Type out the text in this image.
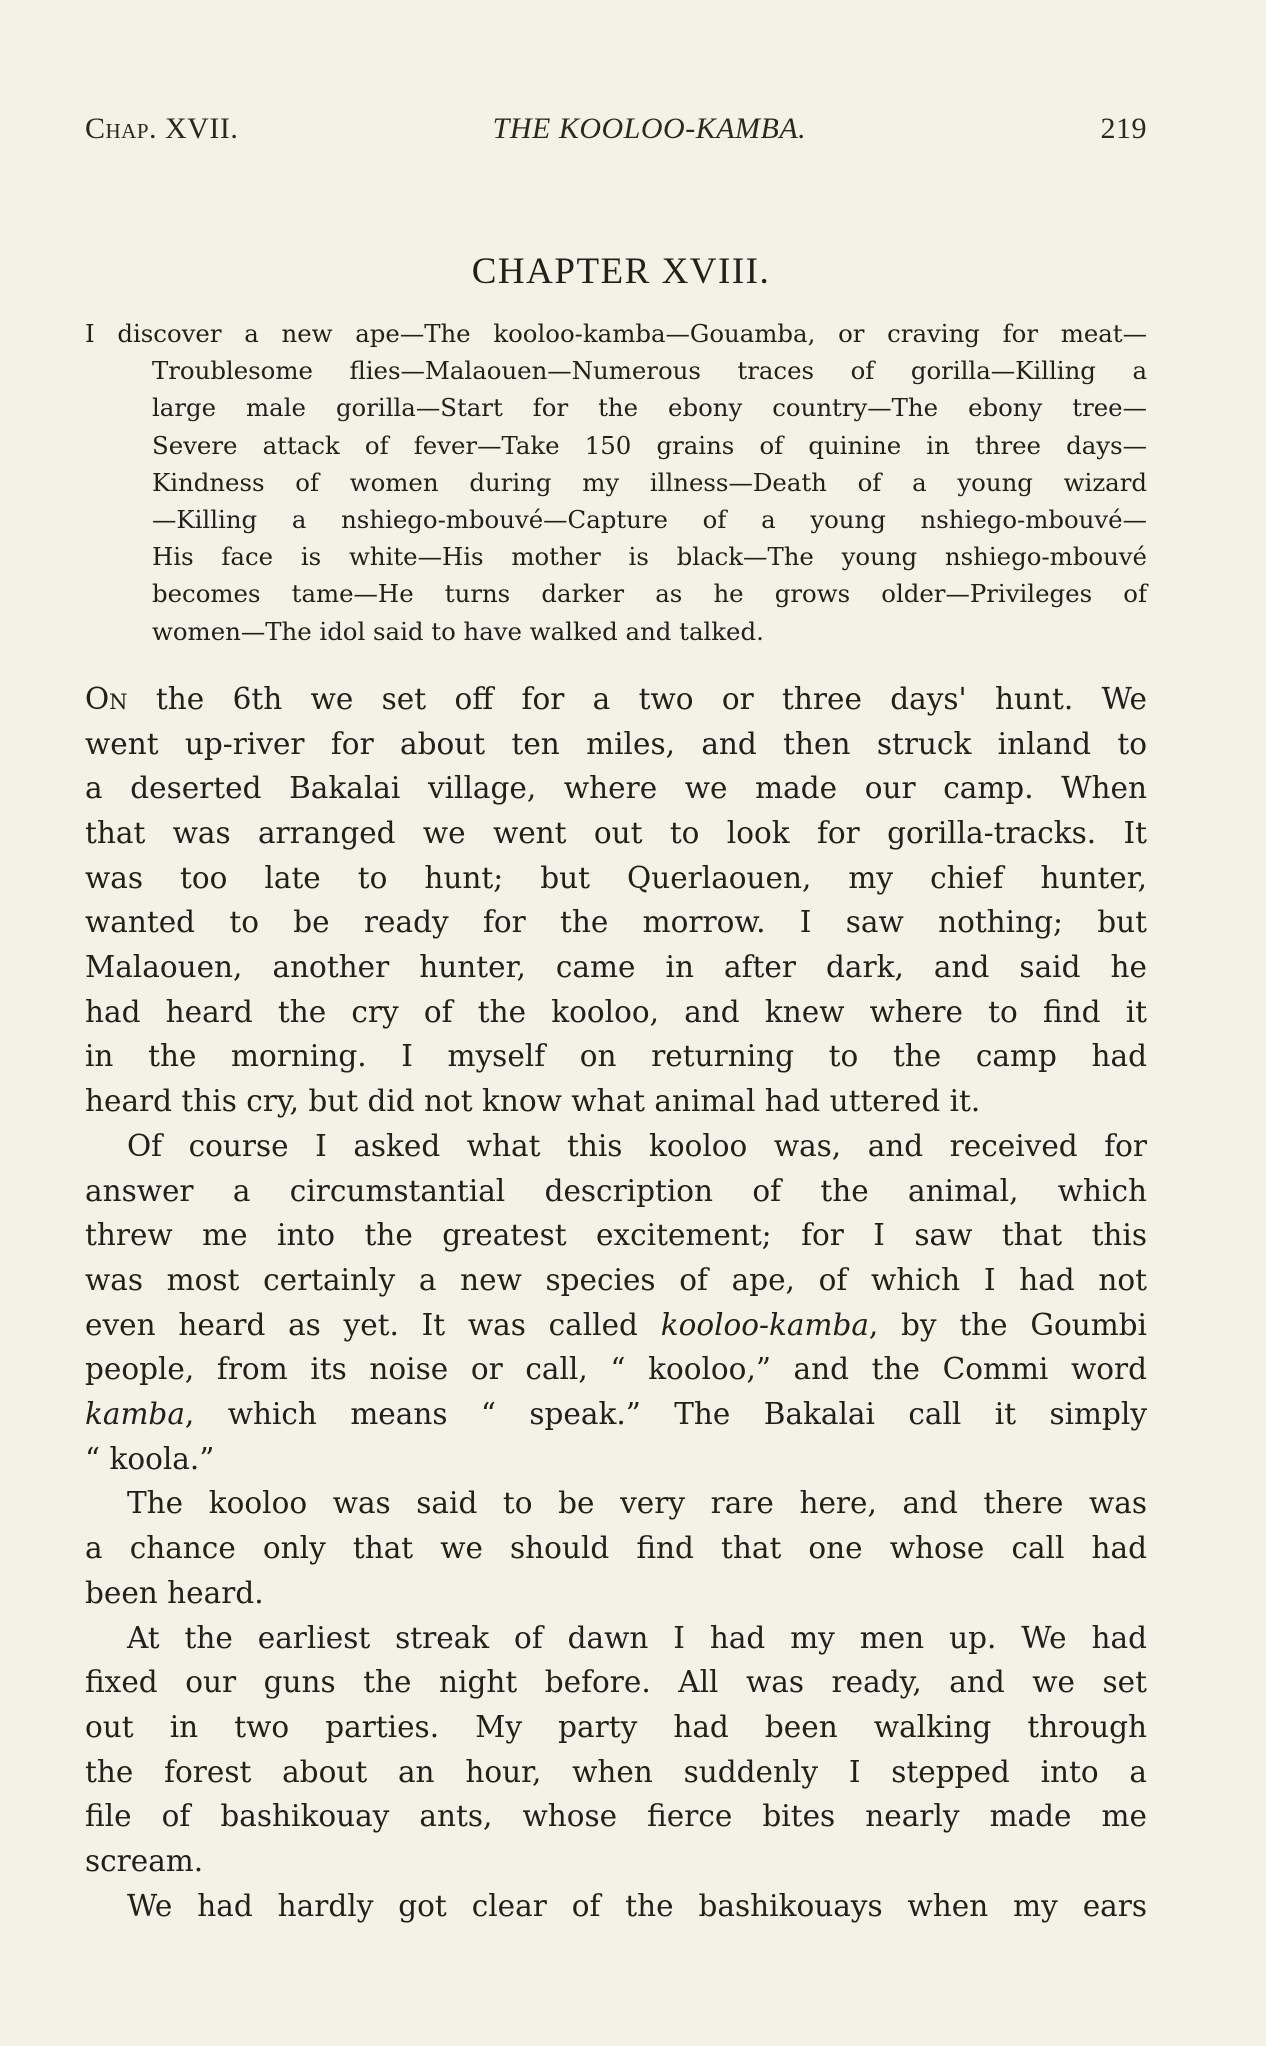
Chap. XVII.	THE KOOLOO-KAMBA.	219
CHAPTER XVIII.
I discover a new ape—The kooloo-kamba—Gouamba, or craving for meat—
Troublesome flies—Malaouen—Numerous traces of gorilla—Killing a
large male gorilla—Start for the ebony country—The ebony tree—
Severe attack of fever—Take 150 grains of quinine in three days—
Kindness of women during my illness—Death of a young wizard
—Killing a nshiego-mbouvé—Capture of a young nshiego-mbouvé—
His face is white—His mother is black—The young nshiego-mbouvé
becomes tame—He turns darker as he grows older—Privileges of
women—The idol said to have walked and talked.
On the 6th we set off for a two or three days' hunt. We
went up-river for about ten miles, and then struck inland to
a deserted Bakalai village, where we made our camp. When
that was arranged we went out to look for gorilla-tracks. It
was too late to hunt; but Querlaouen, my chief hunter,
wanted to be ready for the morrow. I saw nothing; but
Malaouen, another hunter, came in after dark, and said he
had heard the cry of the kooloo, and knew where to find it
in the morning. I myself on returning to the camp had
heard this cry, but did not know what animal had uttered it.
Of course I asked what this kooloo was, and received for
answer a circumstantial description of the animal, which
threw me into the greatest excitement; for I saw that this
was most certainly a new species of ape, of which I had not
even heard as yet. It was called kooloo-kamba, by the Goumbi
people, from its noise or call, “ kooloo,” and the Commi word
kamba, which means “ speak.” The Bakalai call it simply
“ koola.”
The kooloo was said to be very rare here, and there was
a chance only that we should find that one whose call had
been heard.
At the earliest streak of dawn I had my men up. We had
fixed our guns the night before. All was ready, and we set
out in two parties. My party had been walking through
the forest about an hour, when suddenly I stepped into a
file of bashikouay ants, whose fierce bites nearly made me
scream.
We had hardly got clear of the bashikouays when my ears
